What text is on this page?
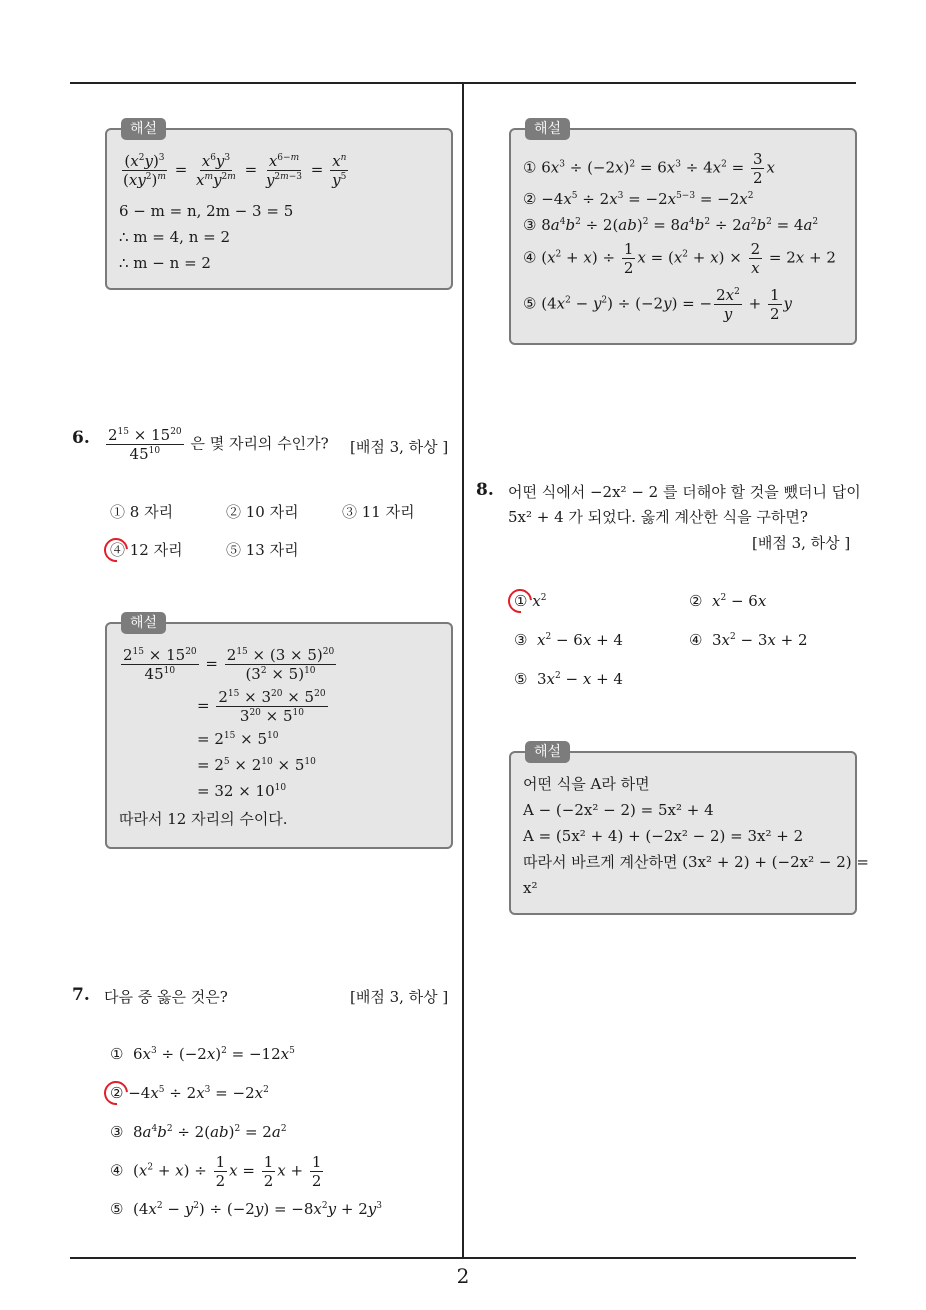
해설
$\frac{(x^2y)^3}{(xy^2)^m} = x^6y^3$
$x^my^{2m} = \frac{x^{6-m}}{y^{2m-3}} = \frac{x^n}{y^5}$
6 − m = n, 2m − 3 = 5
∴ m = 4, n = 2
∴ m − n = 2
6. $\frac{2^{15} \times 15^{20}}{45^{10}}$ 은 몇 자리의 수인가? [배점 3, 하상 ]
① 8 자리	② 10 자리	③ 11 자리
④ 12 자리	⑤ 13 자리
해설
$\frac{2^{15} \times 15^{20}}{45^{10}} = \frac{2^{15} \times (3 \times 5)^{20}}{(3^2 \times 5)^{10}}$
= $\frac{2^{15} \times 3^{20} \times 5^{20}}{3^{20} \times 5^{10}}$
= $2^{15} \times 5^{10}$
= $2^5 \times 2^{10} \times 5^{10}$
= $32 \times 10^{10}$
따라서 12 자리의 수이다.
7. 다음 중 옳은 것은?	[배점 3, 하상 ]
①  $6x^3 \div (-2x)^2 = -12x^5$
② $-4x^5 \div 2x^3 = -2x^2$
③  $8a^4b^2 \div 2(ab)^2 = 2a^2$
④  $(x^2 + x) \div \frac{1}{2}$ $x = \frac{1}{2}$ $x + \frac{1}{2}$
⑤  $(4x^2 - y^2) \div (-2y) = -8x^2y + 2y^3$
해설
① $6x^3 \div (-2x)^2 = 6x^3 \div 4x^2 = \frac{3}{2}$ x
② $-4x^5 \div 2x^3 = -2x^{5-3} = -2x^2$
③ $8a^4b^2 \div 2(ab)^2 = 8a^4b^2 \div 2a^2b^2 = 4a^2$
④ $(x^2 + x) \div \frac{1}{2}$ $x = (x^2 + x) \times \frac{2}{x} = 2x + 2$
⑤ $(4x^2 - y^2) \div (-2y)$ = − $\frac{2x^2}{y} + \frac{1}{2}$ y
8. 어떤 식에서 −2x² − 2 를 더해야 할 것을 뺐더니 답이
5x² + 4 가 되었다. 옳게 계산한 식을 구하면?
[배점 3, 하상 ]
① $x^2$	②  $x^2 - 6x$
③  $x^2 - 6x + 4$	④  $3x^2 - 3x + 2$
⑤  $3x^2 - x + 4$
해설
어떤 식을 A라 하면
A − (−2x² − 2) = 5x² + 4
A = (5x² + 4) + (−2x² − 2) = 3x² + 2
따라서 바르게 계산하면 (3x² + 2) + (−2x² − 2) =
x²
2
